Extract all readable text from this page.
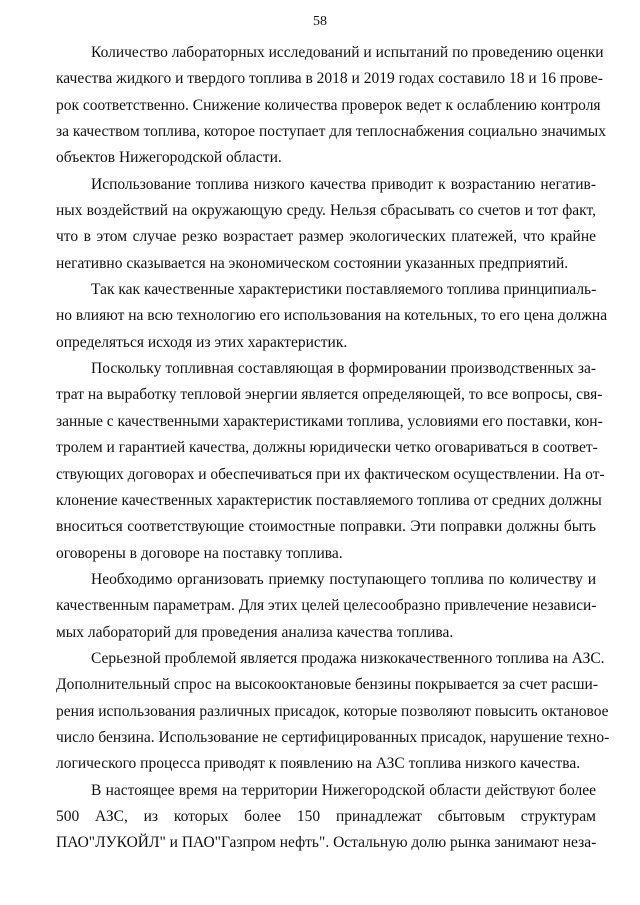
58
Количество лабораторных исследований и испытаний по проведению оценки
качества жидкого и твердого топлива в 2018 и 2019 годах составило 18 и 16 прове-
рок соответственно. Снижение количества проверок ведет к ослаблению контроля
за качеством топлива, которое поступает для теплоснабжения социально значимых
объектов Нижегородской области.
Использование топлива низкого качества приводит к возрастанию негатив-
ных воздействий на окружающую среду. Нельзя сбрасывать со счетов и тот факт,
что в этом случае резко возрастает размер экологических платежей, что крайне
негативно сказывается на экономическом состоянии указанных предприятий.
Так как качественные характеристики поставляемого топлива принципиаль-
но влияют на всю технологию его использования на котельных, то его цена должна
определяться исходя из этих характеристик.
Поскольку топливная составляющая в формировании производственных за-
трат на выработку тепловой энергии является определяющей, то все вопросы, свя-
занные с качественными характеристиками топлива, условиями его поставки, кон-
тролем и гарантией качества, должны юридически четко оговариваться в соответ-
ствующих договорах и обеспечиваться при их фактическом осуществлении. На от-
клонение качественных характеристик поставляемого топлива от средних должны
вноситься соответствующие стоимостные поправки. Эти поправки должны быть
оговорены в договоре на поставку топлива.
Необходимо организовать приемку поступающего топлива по количеству и
качественным параметрам. Для этих целей целесообразно привлечение независи-
мых лабораторий для проведения анализа качества топлива.
Серьезной проблемой является продажа низкокачественного топлива на АЗС.
Дополнительный спрос на высокооктановые бензины покрывается за счет расши-
рения использования различных присадок, которые позволяют повысить октановое
число бензина. Использование не сертифицированных присадок, нарушение техно-
логического процесса приводят к появлению на АЗС топлива низкого качества.
В настоящее время на территории Нижегородской области действуют более
500 АЗС, из которых более 150 принадлежат сбытовым структурам
ПАО"ЛУКОЙЛ" и ПАО"Газпром нефть". Остальную долю рынка занимают неза-
